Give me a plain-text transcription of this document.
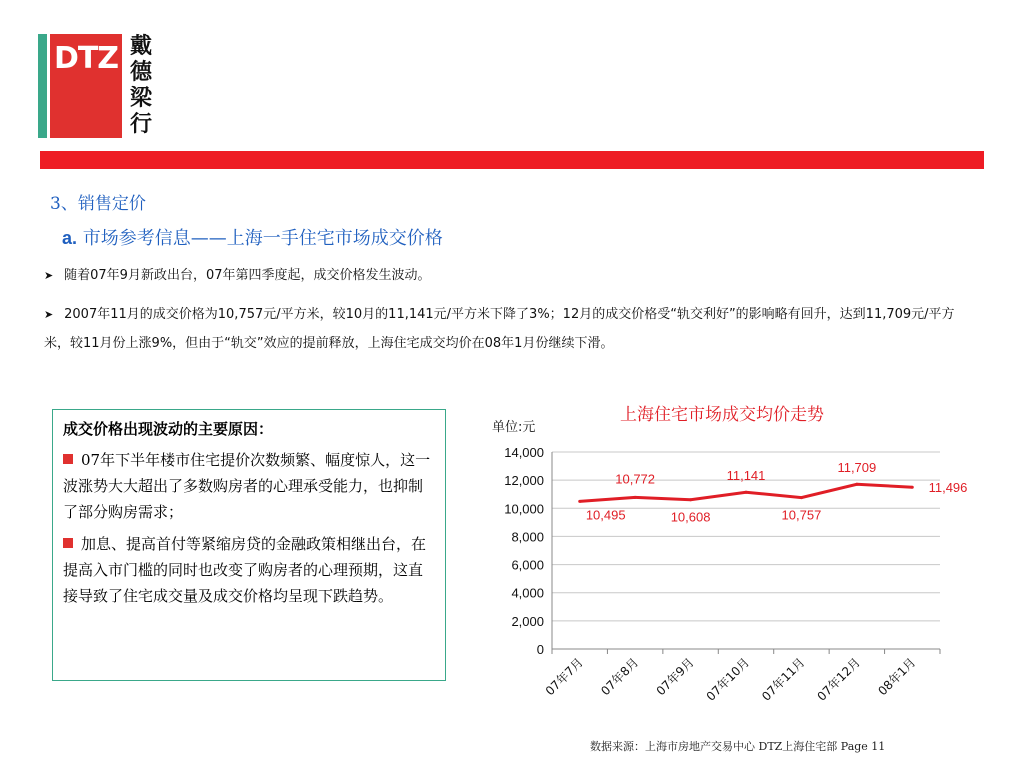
DTZ 戴
德
梁
行
3、销售定价
a. 市场参考信息——上海一手住宅市场成交价格
➤ 随着07年9月新政出台，07年第四季度起，成交价格发生波动。
➤ 2007年11月的成交价格为10,757元/平方米，较10月的11,141元/平方米下降了3%；12月的成交价格受“轨交利好”的影响略有回升，达到11,709元/平方米，较11月份上涨9%，但由于“轨交”效应的提前释放，上海住宅成交均价在08年1月份继续下滑。
成交价格出现波动的主要原因：
07年下半年楼市住宅提价次数频繁、幅度惊人，这一波涨势大大超出了多数购房者的心理承受能力，也抑制了部分购房需求；
加息、提高首付等紧缩房贷的金融政策相继出台，在提高入市门槛的同时也改变了购房者的心理预期，这直接导致了住宅成交量及成交价格均呈现下跌趋势。
上海住宅市场成交均价走势
单位:元
0
2,000
4,000
6,000
8,000
10,000
12,000
14,000
07年7月 07年8月 07年9月 07年10月 07年11月 07年12月 08年1月
10,495
10,772
10,608
11,141
10,757
11,709
11,496
数据来源：上海市房地产交易中心 DTZ上海住宅部 Page 11
